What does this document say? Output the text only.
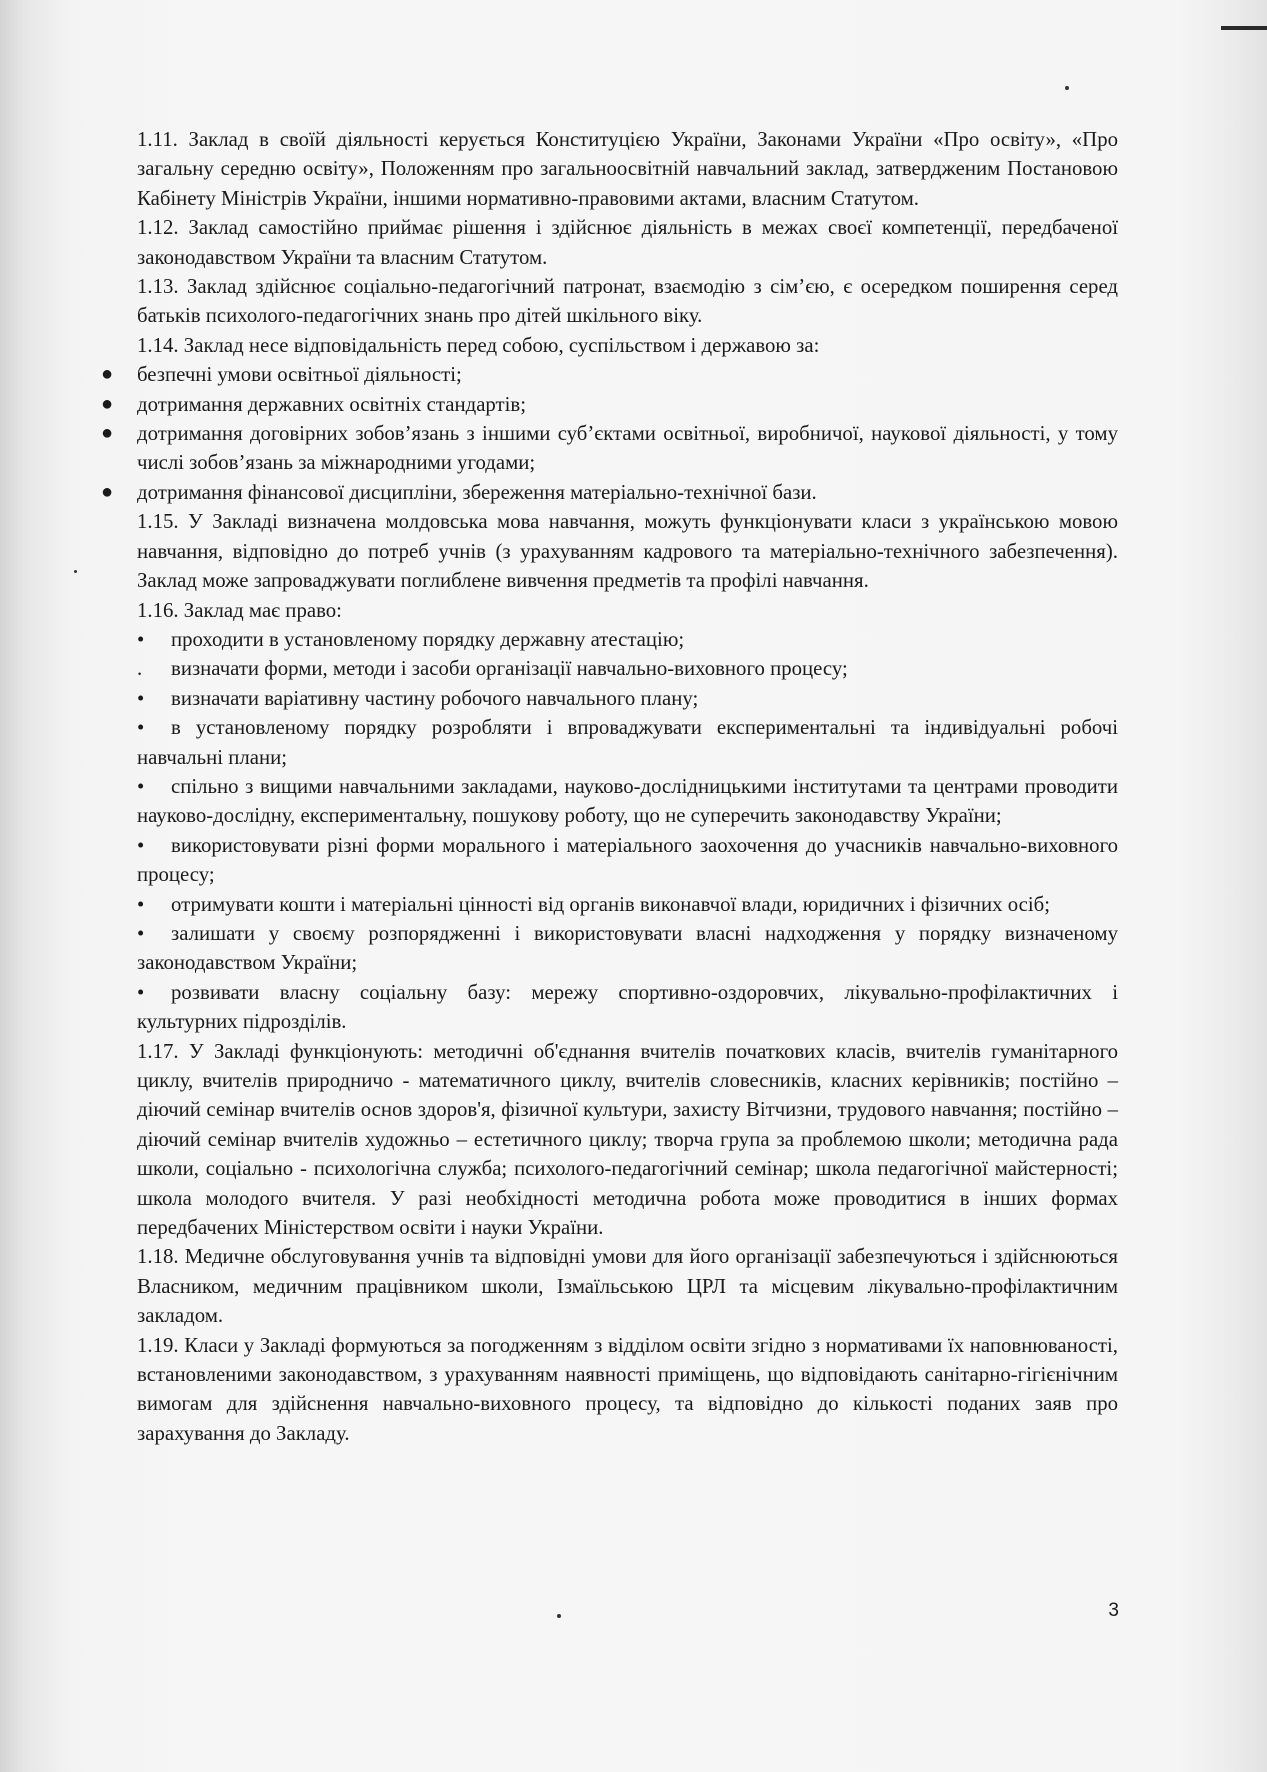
1.11. Заклад в своїй діяльності керується Конституцією України, Законами України «Про освіту», «Про загальну середню освіту», Положенням про загальноосвітній навчальний заклад, затвердженим Постановою Кабінету Міністрів України, іншими нормативно-правовими актами, власним Статутом.

1.12. Заклад самостійно приймає рішення і здійснює діяльність в межах своєї компетенції, передбаченої законодавством України та власним Статутом.

1.13. Заклад здійснює соціально-педагогічний патронат, взаємодію з сім’єю, є осередком поширення серед батьків психолого-педагогічних знань про дітей шкільного віку.

1.14. Заклад несе відповідальність перед собою, суспільством і державою за:

● безпечні умови освітньої діяльності;
● дотримання державних освітніх стандартів;
● дотримання договірних зобов’язань з іншими суб’єктами освітньої, виробничої, наукової діяльності, у тому числі зобов’язань за міжнародними угодами;
● дотримання фінансової дисципліни, збереження матеріально-технічної бази.

1.15. У Закладі визначена молдовська мова навчання, можуть функціонувати класи з українською мовою навчання, відповідно до потреб учнів (з урахуванням кадрового та матеріально-технічного забезпечення). Заклад може запроваджувати поглиблене вивчення предметів та профілі навчання.

1.16. Заклад має право:

• проходити в установленому порядку державну атестацію;
. визначати форми, методи і засоби організації навчально-виховного процесу;
• визначати варіативну частину робочого навчального плану;
• в установленому порядку розробляти і впроваджувати експериментальні та індивідуальні робочі навчальні плани;
• спільно з вищими навчальними закладами, науково-дослідницькими інститутами та центрами проводити науково-дослідну, експериментальну, пошукову роботу, що не суперечить законодавству України;
• використовувати різні форми морального і матеріального заохочення до учасників навчально-виховного процесу;
• отримувати кошти і матеріальні цінності від органів виконавчої влади, юридичних і фізичних осіб;
• залишати у своєму розпорядженні і використовувати власні надходження у порядку визначеному законодавством України;
• розвивати власну соціальну базу: мережу спортивно-оздоровчих, лікувально-профілактичних і культурних підрозділів.

1.17. У Закладі функціонують: методичні об'єднання вчителів початкових класів, вчителів гуманітарного циклу, вчителів природничо - математичного циклу, вчителів словесників, класних керівників; постійно –діючий семінар вчителів основ здоров'я, фізичної культури, захисту Вітчизни, трудового навчання; постійно –діючий семінар вчителів художньо – естетичного циклу; творча група за проблемою школи; методична рада школи, соціально - психологічна служба; психолого-педагогічний семінар; школа педагогічної майстерності; школа молодого вчителя. У разі необхідності методична робота може проводитися в інших формах передбачених Міністерством освіти і науки України.

1.18. Медичне обслуговування учнів та відповідні умови для його організації забезпечуються і здійснюються Власником, медичним працівником школи, Ізмаїльською ЦРЛ та місцевим лікувально-профілактичним закладом.

1.19. Класи у Закладі формуються за погодженням з відділом освіти згідно з нормативами їх наповнюваності, встановленими законодавством, з урахуванням наявності приміщень, що відповідають санітарно-гігієнічним вимогам для здійснення навчально-виховного процесу, та відповідно до кількості поданих заяв про зарахування до Закладу.

3
